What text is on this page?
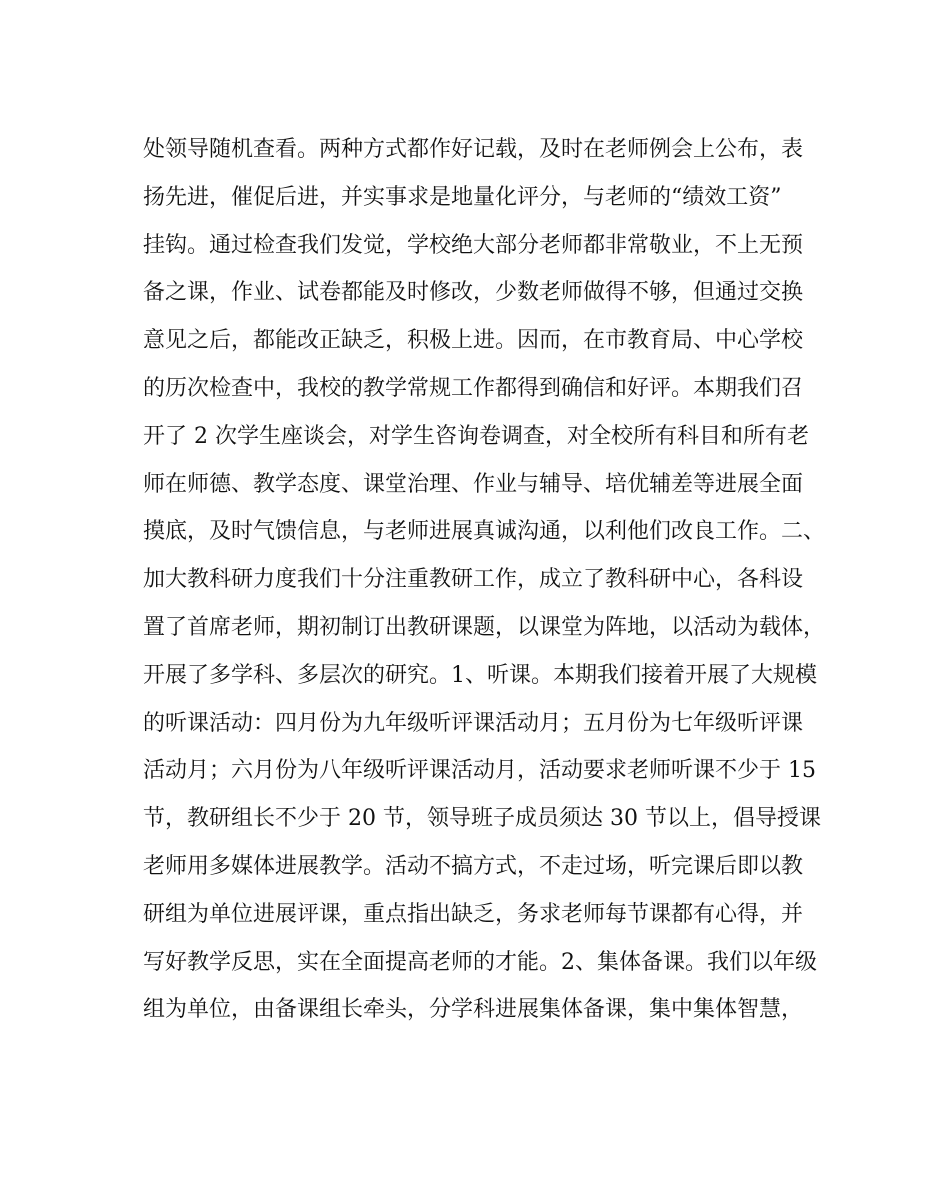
处领导随机查看。两种方式都作好记载，及时在老师例会上公布，表
扬先进，催促后进，并实事求是地量化评分，与老师的“绩效工资”
挂钩。通过检查我们发觉，学校绝大部分老师都非常敬业，不上无预
备之课，作业、试卷都能及时修改，少数老师做得不够，但通过交换
意见之后，都能改正缺乏，积极上进。因而，在市教育局、中心学校
的历次检查中，我校的教学常规工作都得到确信和好评。本期我们召
开了 2 次学生座谈会，对学生咨询卷调查，对全校所有科目和所有老
师在师德、教学态度、课堂治理、作业与辅导、培优辅差等进展全面
摸底，及时气馈信息，与老师进展真诚沟通，以利他们改良工作。二、
加大教科研力度我们十分注重教研工作，成立了教科研中心，各科设
置了首席老师，期初制订出教研课题，以课堂为阵地，以活动为载体，
开展了多学科、多层次的研究。1、听课。本期我们接着开展了大规模
的听课活动：四月份为九年级听评课活动月；五月份为七年级听评课
活动月；六月份为八年级听评课活动月，活动要求老师听课不少于 15
节，教研组长不少于 20 节，领导班子成员须达 30 节以上，倡导授课
老师用多媒体进展教学。活动不搞方式，不走过场，听完课后即以教
研组为单位进展评课，重点指出缺乏，务求老师每节课都有心得，并
写好教学反思，实在全面提高老师的才能。2、集体备课。我们以年级
组为单位，由备课组长牵头，分学科进展集体备课，集中集体智慧，
